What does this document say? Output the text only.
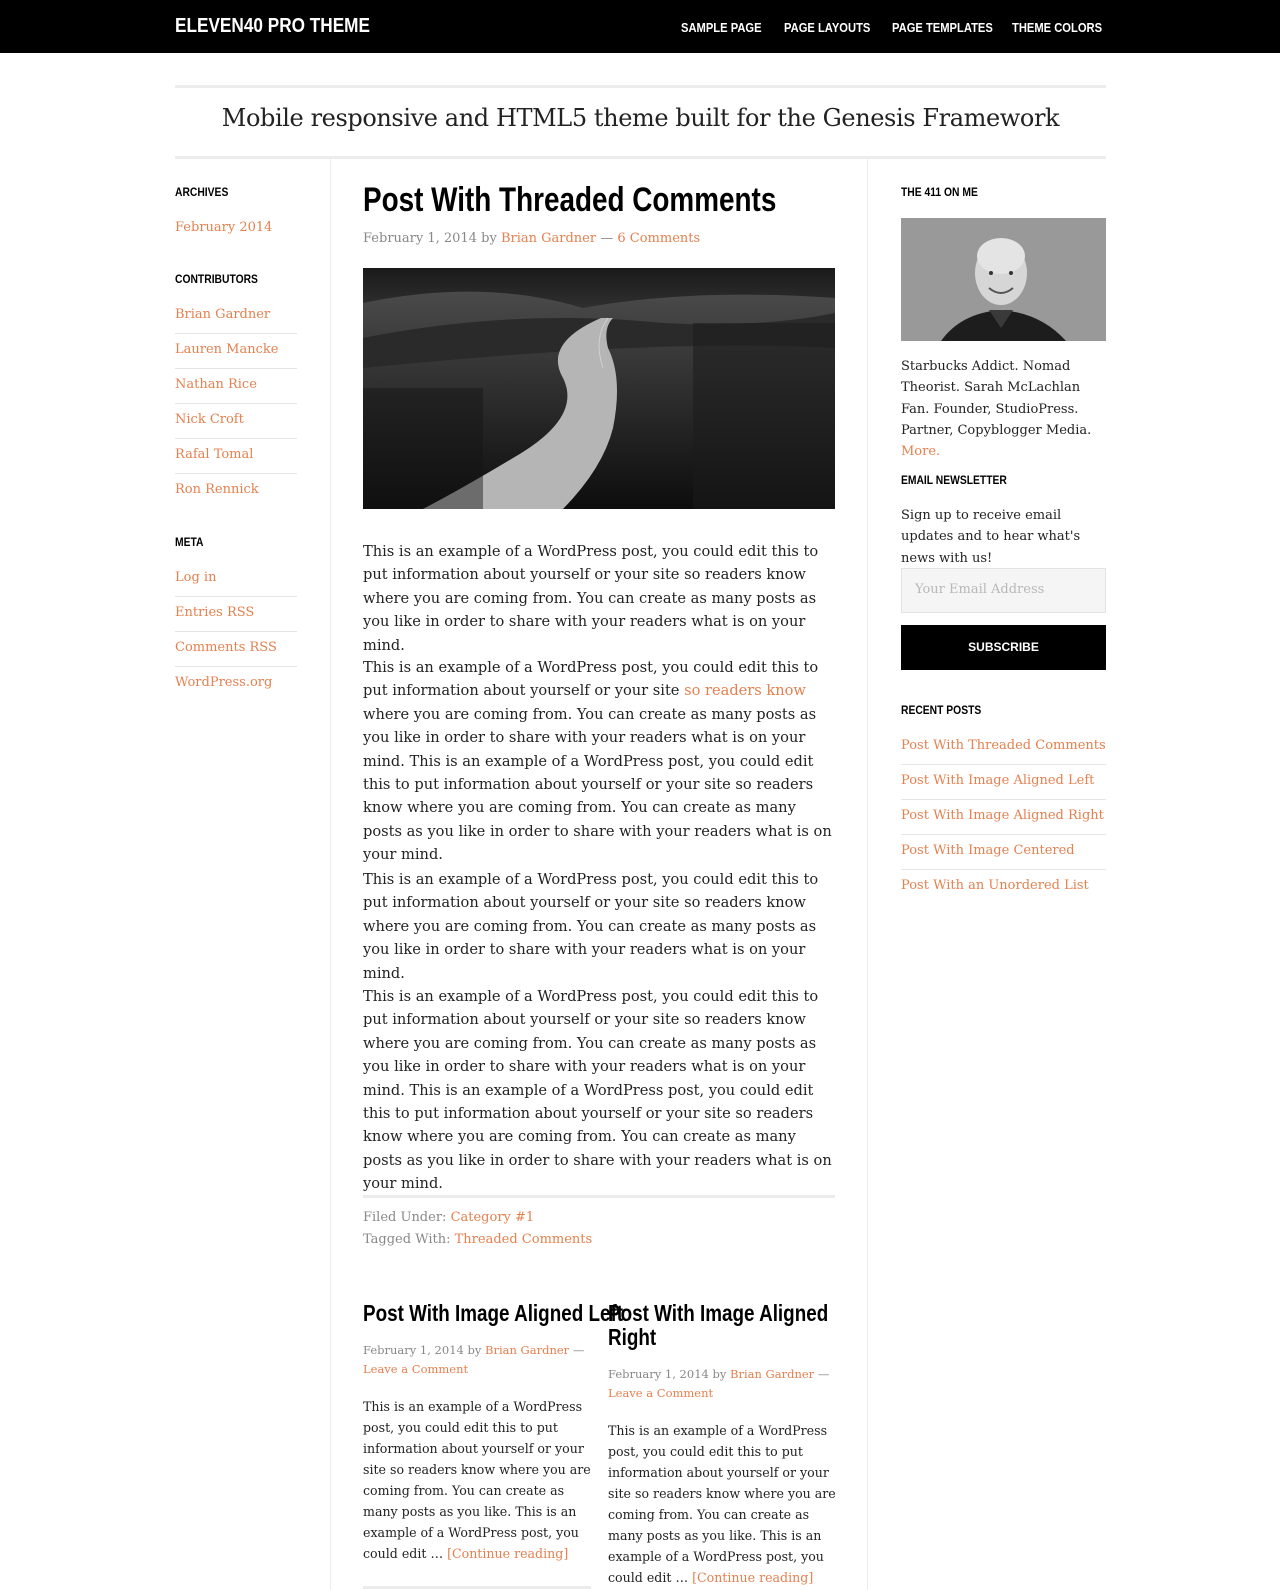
ELEVEN40 PRO THEME	SAMPLE PAGE PAGE LAYOUTS PAGE TEMPLATES THEME COLORS
Mobile responsive and HTML5 theme built for the Genesis Framework
ARCHIVES
February 2014
CONTRIBUTORS
Brian Gardner
Lauren Mancke
Nathan Rice
Nick Croft
Rafal Tomal
Ron Rennick
META
Log in
Entries RSS
Comments RSS
WordPress.org
Post With Threaded Comments
February 1, 2014 by Brian Gardner — 6 Comments

This is an example of a WordPress post, you could edit this to put information about yourself or your site so readers know where you are coming from. You can create as many posts as you like in order to share with your readers what is on your mind.

This is an example of a WordPress post, you could edit this to put information about yourself or your site so readers know where you are coming from. You can create as many posts as you like in order to share with your readers what is on your mind. This is an example of a WordPress post, you could edit this to put information about yourself or your site so readers know where you are coming from. You can create as many posts as you like in order to share with your readers what is on your mind.

This is an example of a WordPress post, you could edit this to put information about yourself or your site so readers know where you are coming from. You can create as many posts as you like in order to share with your readers what is on your mind.

This is an example of a WordPress post, you could edit this to put information about yourself or your site so readers know where you are coming from. You can create as many posts as you like in order to share with your readers what is on your mind. This is an example of a WordPress post, you could edit this to put information about yourself or your site so readers know where you are coming from. You can create as many posts as you like in order to share with your readers what is on your mind.

Filed Under: Category #1
Tagged With: Threaded Comments
Post With Image Aligned Left
February 1, 2014 by Brian Gardner — Leave a Comment

This is an example of a WordPress post, you could edit this to put information about yourself or your site so readers know where you are coming from. You can create as many posts as you like. This is an example of a WordPress post, you could edit … [Continue reading]

Post With Image Aligned
Right
February 1, 2014 by Brian Gardner — Leave a Comment

This is an example of a WordPress post, you could edit this to put information about yourself or your site so readers know where you are coming from. You can create as many posts as you like. This is an example of a WordPress post, you could edit … [Continue reading]

THE 411 ON ME

Starbucks Addict. Nomad Theorist. Sarah McLachlan Fan. Founder, StudioPress. Partner, Copyblogger Media. More.

EMAIL NEWSLETTER

Sign up to receive email updates and to hear what's news with us!

Your Email Address
SUBSCRIBE
RECENT POSTS
Post With Threaded Comments
Post With Image Aligned Left
Post With Image Aligned Right
Post With Image Centered
Post With an Unordered List
